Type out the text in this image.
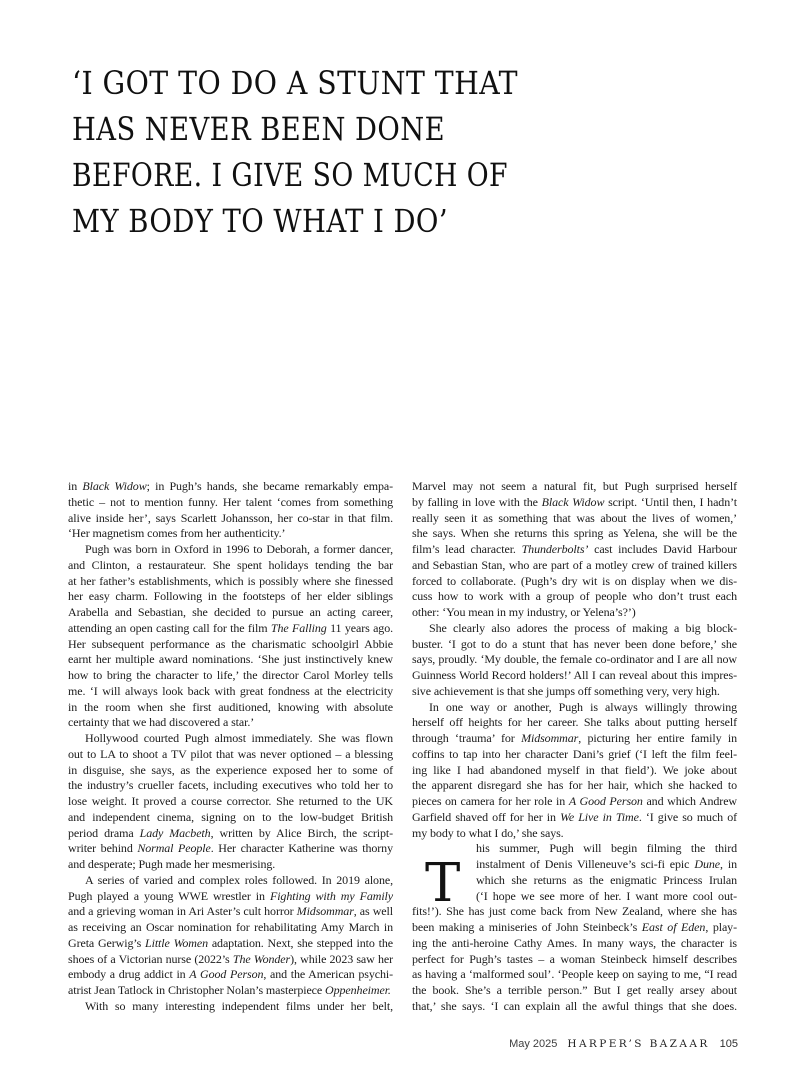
‘I GOT TO DO A STUNT THAT
HAS NEVER BEEN DONE
BEFORE. I GIVE SO MUCH OF
MY BODY TO WHAT I DO’
in Black Widow; in Pugh’s hands, she became remarkably empa-
thetic – not to mention funny. Her talent ‘comes from something
alive inside her’, says Scarlett Johansson, her co-star in that film.
‘Her magnetism comes from her authenticity.’
Pugh was born in Oxford in 1996 to Deborah, a former dancer,
and Clinton, a restaurateur. She spent holidays tending the bar
at her father’s establishments, which is possibly where she finessed
her easy charm. Following in the footsteps of her elder siblings
Arabella and Sebastian, she decided to pursue an acting career,
attending an open casting call for the film The Falling 11 years ago.
Her subsequent performance as the charismatic schoolgirl Abbie
earnt her multiple award nominations. ‘She just instinctively knew
how to bring the character to life,’ the director Carol Morley tells
me. ‘I will always look back with great fondness at the electricity
in the room when she first auditioned, knowing with absolute
certainty that we had discovered a star.’
Hollywood courted Pugh almost immediately. She was flown
out to LA to shoot a TV pilot that was never optioned – a blessing
in disguise, she says, as the experience exposed her to some of
the industry’s crueller facets, including executives who told her to
lose weight. It proved a course corrector. She returned to the UK
and independent cinema, signing on to the low-budget British
period drama Lady Macbeth, written by Alice Birch, the script-
writer behind Normal People. Her character Katherine was thorny
and desperate; Pugh made her mesmerising.
A series of varied and complex roles followed. In 2019 alone,
Pugh played a young WWE wrestler in Fighting with my Family
and a grieving woman in Ari Aster’s cult horror Midsommar, as well
as receiving an Oscar nomination for rehabilitating Amy March in
Greta Gerwig’s Little Women adaptation. Next, she stepped into the
shoes of a Victorian nurse (2022’s The Wonder), while 2023 saw her
embody a drug addict in A Good Person, and the American psychi-
atrist Jean Tatlock in Christopher Nolan’s masterpiece Oppenheimer.
With so many interesting independent films under her belt,
T
Marvel may not seem a natural fit, but Pugh surprised herself
by falling in love with the Black Widow script. ‘Until then, I hadn’t
really seen it as something that was about the lives of women,’
she says. When she returns this spring as Yelena, she will be the
film’s lead character. Thunderbolts’ cast includes David Harbour
and Sebastian Stan, who are part of a motley crew of trained killers
forced to collaborate. (Pugh’s dry wit is on display when we dis-
cuss how to work with a group of people who don’t trust each
other: ‘You mean in my industry, or Yelena’s?’)
She clearly also adores the process of making a big block-
buster. ‘I got to do a stunt that has never been done before,’ she
says, proudly. ‘My double, the female co-ordinator and I are all now
Guinness World Record holders!’ All I can reveal about this impres-
sive achievement is that she jumps off something very, very high.
In one way or another, Pugh is always willingly throwing
herself off heights for her career. She talks about putting herself
through ‘trauma’ for Midsommar, picturing her entire family in
coffins to tap into her character Dani’s grief (‘I left the film feel-
ing like I had abandoned myself in that field’). We joke about
the apparent disregard she has for her hair, which she hacked to
pieces on camera for her role in A Good Person and which Andrew
Garfield shaved off for her in We Live in Time. ‘I give so much of
my body to what I do,’ she says.
his summer, Pugh will begin filming the third
instalment of Denis Villeneuve’s sci-fi epic Dune, in
which she returns as the enigmatic Princess Irulan
(‘I hope we see more of her. I want more cool out-
fits!’). She has just come back from New Zealand, where she has
been making a miniseries of John Steinbeck’s East of Eden, play-
ing the anti-heroine Cathy Ames. In many ways, the character is
perfect for Pugh’s tastes – a woman Steinbeck himself describes
as having a ‘malformed soul’. ‘People keep on saying to me, “I read
the book. She’s a terrible person.” But I get really arsey about
that,’ she says. ‘I can explain all the awful things that she does.
May 2025 HARPER’S BAZAAR 105
